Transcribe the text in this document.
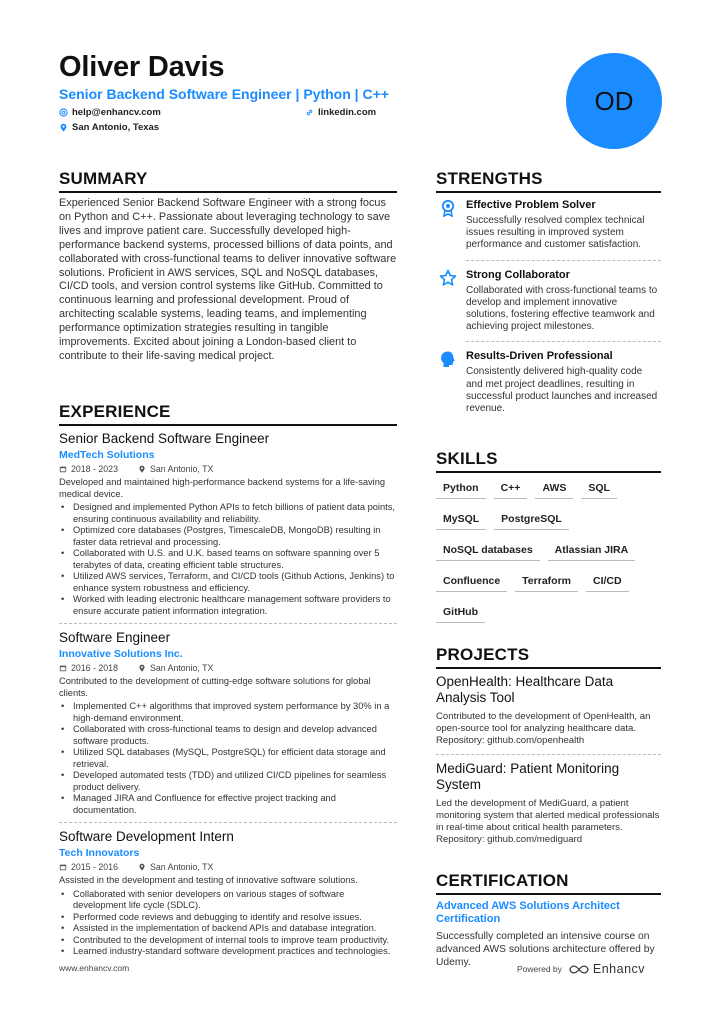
Oliver Davis
Senior Backend Software Engineer | Python | C++
help@enhancv.com	linkedin.com
San Antonio, Texas
OD
SUMMARY
Experienced Senior Backend Software Engineer with a strong focus on Python and C++. Passionate about leveraging technology to save lives and improve patient care. Successfully developed high-performance backend systems, processed billions of data points, and collaborated with cross-functional teams to deliver innovative software solutions. Proficient in AWS services, SQL and NoSQL databases, CI/CD tools, and version control systems like GitHub. Committed to continuous learning and professional development. Proud of architecting scalable systems, leading teams, and implementing performance optimization strategies resulting in tangible improvements. Excited about joining a London-based client to contribute to their life-saving medical project.
EXPERIENCE
Senior Backend Software Engineer
MedTech Solutions
2018 - 2023	San Antonio, TX
Developed and maintained high-performance backend systems for a life-saving medical device.
• Designed and implemented Python APIs to fetch billions of patient data points, ensuring continuous availability and reliability.
• Optimized core databases (Postgres, TimescaleDB, MongoDB) resulting in faster data retrieval and processing.
• Collaborated with U.S. and U.K. based teams on software spanning over 5 terabytes of data, creating efficient table structures.
• Utilized AWS services, Terraform, and CI/CD tools (Github Actions, Jenkins) to enhance system robustness and efficiency.
• Worked with leading electronic healthcare management software providers to ensure accurate patient information integration.
Software Engineer
Innovative Solutions Inc.
2016 - 2018	San Antonio, TX
Contributed to the development of cutting-edge software solutions for global clients.
• Implemented C++ algorithms that improved system performance by 30% in a high-demand environment.
• Collaborated with cross-functional teams to design and develop advanced software products.
• Utilized SQL databases (MySQL, PostgreSQL) for efficient data storage and retrieval.
• Developed automated tests (TDD) and utilized CI/CD pipelines for seamless product delivery.
• Managed JIRA and Confluence for effective project tracking and documentation.
Software Development Intern
Tech Innovators
2015 - 2016	San Antonio, TX
Assisted in the development and testing of innovative software solutions.
• Collaborated with senior developers on various stages of software development life cycle (SDLC).
• Performed code reviews and debugging to identify and resolve issues.
• Assisted in the implementation of backend APIs and database integration.
• Contributed to the development of internal tools to improve team productivity.
• Learned industry-standard software development practices and technologies.
STRENGTHS
Effective Problem Solver
Successfully resolved complex technical issues resulting in improved system performance and customer satisfaction.
Strong Collaborator
Collaborated with cross-functional teams to develop and implement innovative solutions, fostering effective teamwork and achieving project milestones.
Results-Driven Professional
Consistently delivered high-quality code and met project deadlines, resulting in successful product launches and increased revenue.
SKILLS
Python	C++	AWS	SQL
MySQL	PostgreSQL
NoSQL databases	Atlassian JIRA
Confluence	Terraform	CI/CD
GitHub
PROJECTS
OpenHealth: Healthcare Data Analysis Tool
Contributed to the development of OpenHealth, an open-source tool for analyzing healthcare data. Repository: github.com/openhealth
MediGuard: Patient Monitoring System
Led the development of MediGuard, a patient monitoring system that alerted medical professionals in real-time about critical health parameters. Repository: github.com/mediguard
CERTIFICATION
Advanced AWS Solutions Architect Certification
Successfully completed an intensive course on advanced AWS solutions architecture offered by Udemy.
www.enhancv.com	Powered by Enhancv
